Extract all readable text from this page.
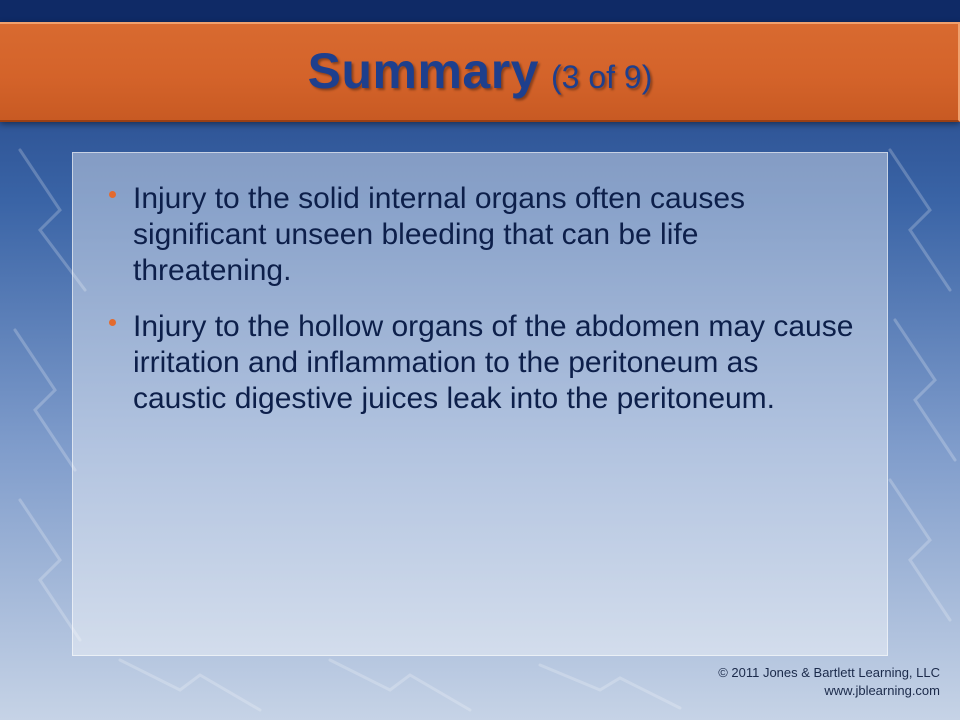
Summary (3 of 9)
Injury to the solid internal organs often causes significant unseen bleeding that can be life threatening.
Injury to the hollow organs of the abdomen may cause irritation and inflammation to the peritoneum as caustic digestive juices leak into the peritoneum.
© 2011 Jones & Bartlett Learning, LLC
www.jblearning.com
